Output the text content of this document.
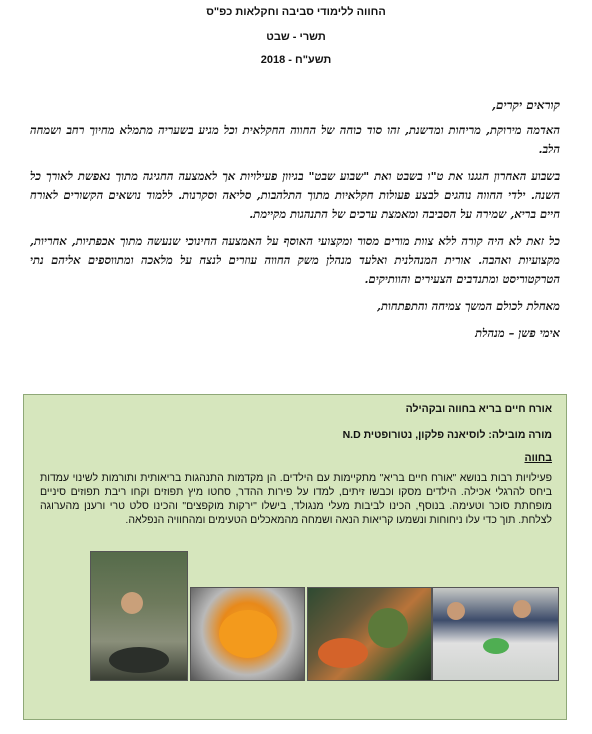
החווה ללימודי סביבה וחקלאות כפ"ס
תשרי - שבט
תשע"ח - 2018

קוראים יקרים,

האדמה מירוקת, מריחות ומדשנת, זהו סוד כוחה של החווה החקלאית וכל מגיע בשעריה מתמלא מחיוך רחב ושמחה הלב.

בשבוע האחרון חגגנו את ט"ו בשבט ואת "שבוע שבט" בגיוון פעילויות אך לאמצעה החגיגה מתוך נאפשת לאורך כל השנה. ילדי החווה נוהגים לבצע פעולות חקלאיות מתוך התלהבות, סליאה וסקרנות. ללמוד נושאים הקשורים לאורח חיים בריא, שמירה על הסביבה ומאמצת ערכים של התנהגות מקיימת.

כל זאת לא היה קורה ללא צוות מורים מסור ומקצועי האוסף על האמצעה החינוכי שנעשה מתוך אכפתיות, אחריות, מקצועיות ואהבה. אורית המנהלנית ואלעד מנהלן משק החווה עוזרים לנצח על מלאכה ומתווספים אליהם נתי הטרקטוריסט ומתנדבים הצעירים והוותיקים.

מאחלת לכולם המשך צמיחה והתפתחות,

אימי פשן – מנהלת

אורח חיים בריא בחווה ובקהילה
מורה מובילה: לוסיאנה פלקון, נטורופטית N.D
בחווה
פעילויות רבות בנושא "אורח חיים בריא" מתקיימות עם הילדים. הן מקדמות התנהגות בריאותית ותורמות לשינוי עמדות ביחס להרגלי אכילה. הילדים מסקו וכבשו זיתים, למדו על פירות ההדר, סחטו מיץ תפוזים וקחו ריבת תפוזים סיניים מופחתת סוכר וטעימה. בנוסף, הכינו לביבות מעלי מנגולד, בישלו "ירקות מוקפצים" והכינו סלט טרי ורענן מהערוגה לצלחת. תוך כדי עלו ניחוחות ונשמעו קריאות הנאה ושמחה מהמאכלים הטעימים ומהחוויה הנפלאה.
